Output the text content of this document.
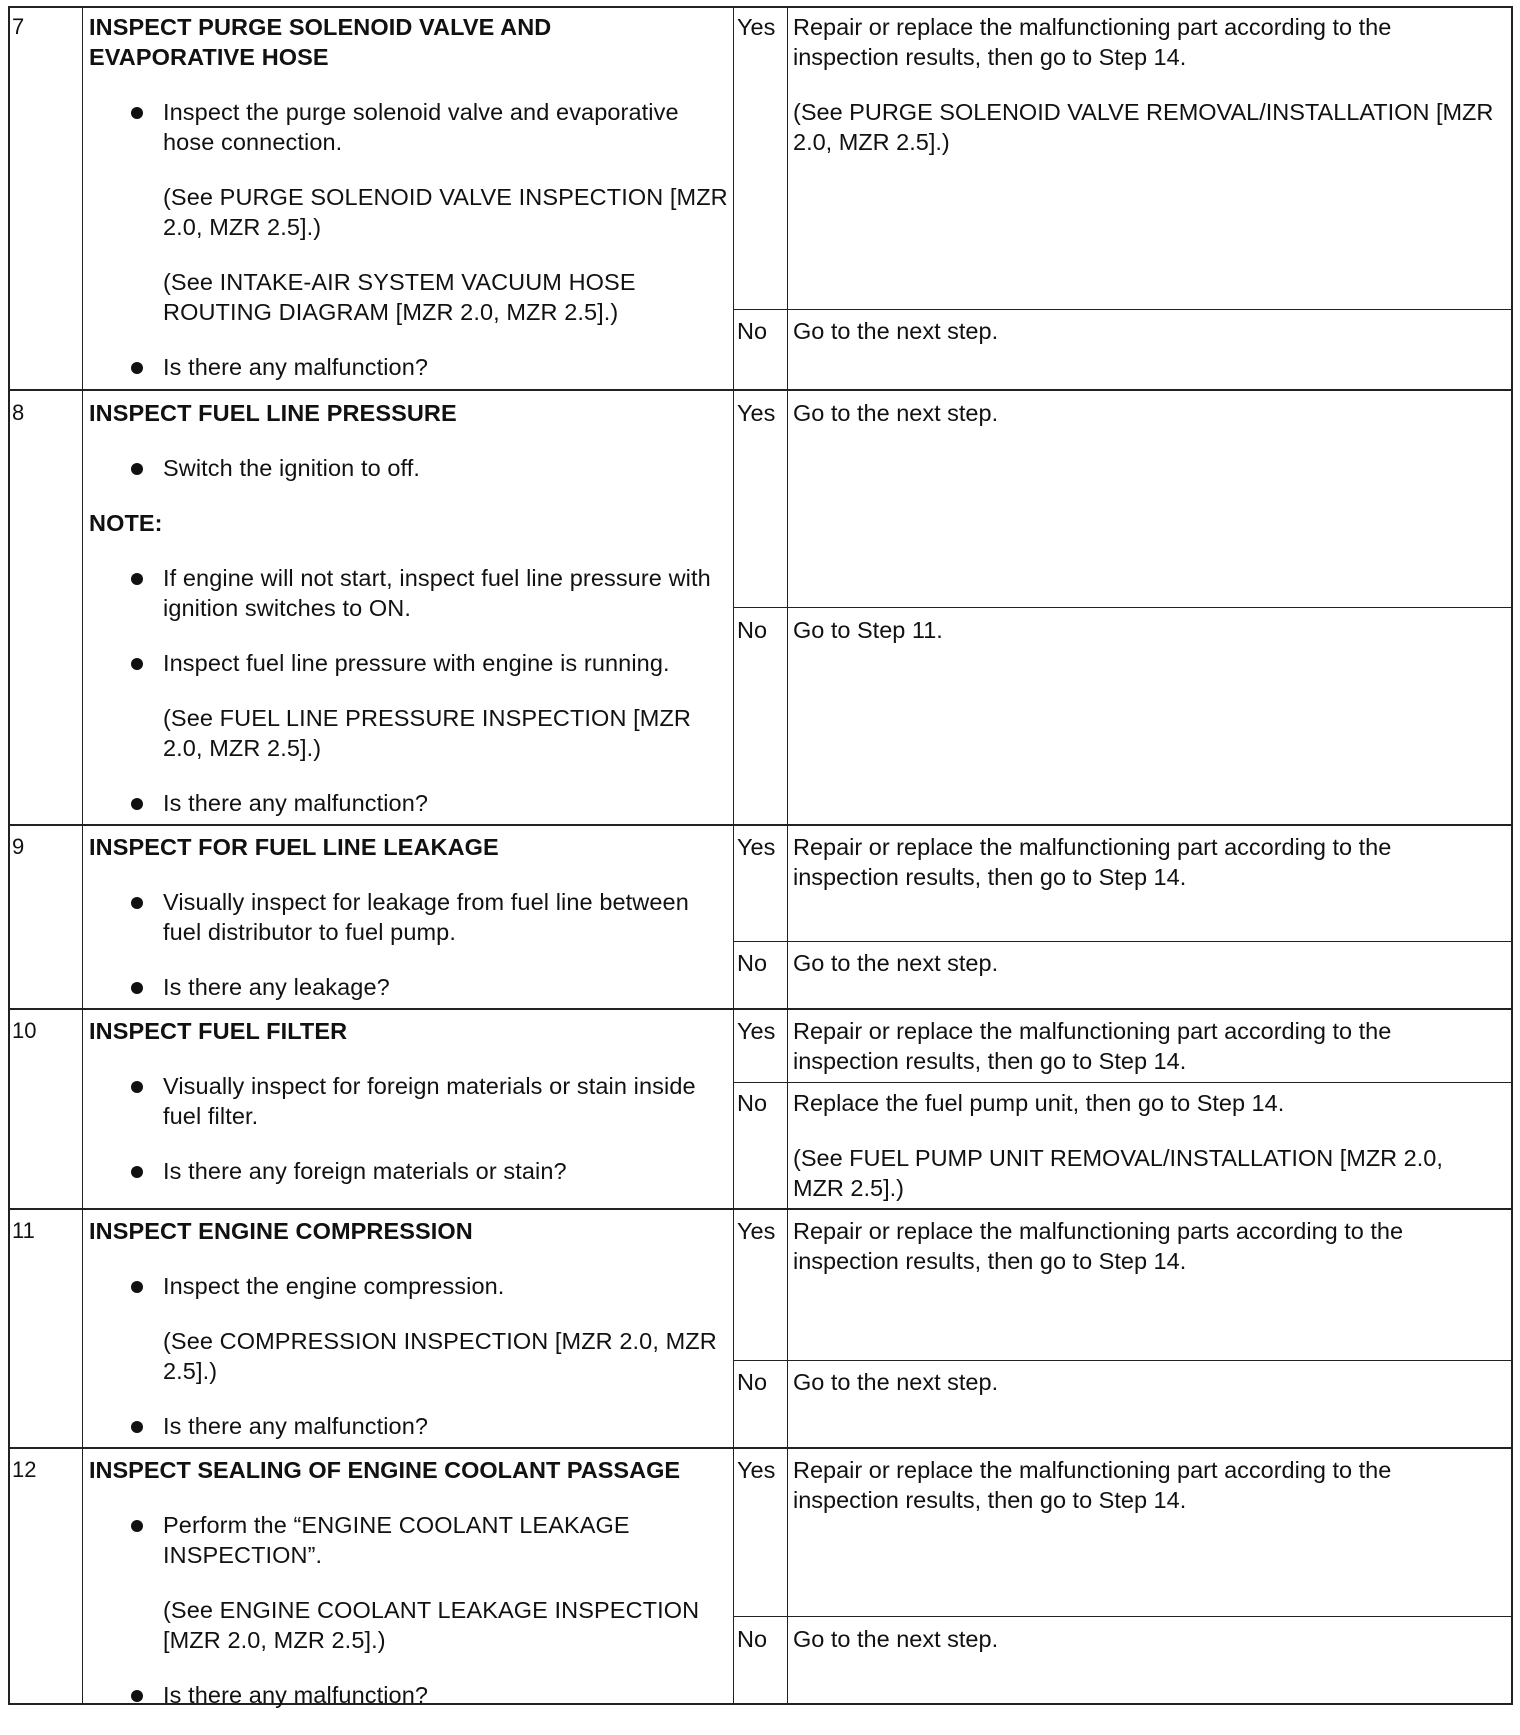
7	INSPECT PURGE SOLENOID VALVE AND
EVAPORATIVE HOSE
Inspect the purge solenoid valve and evaporative hose connection.
(See PURGE SOLENOID VALVE INSPECTION [MZR 2.0, MZR 2.5].)
(See INTAKE-AIR SYSTEM VACUUM HOSE ROUTING DIAGRAM [MZR 2.0, MZR 2.5].)
Is there any malfunction?
Yes Repair or replace the malfunctioning part according to the inspection results, then go to Step 14.

(See PURGE SOLENOID VALVE REMOVAL/INSTALLATION [MZR 2.0, MZR 2.5].)

No Go to the next step.

8	INSPECT FUEL LINE PRESSURE
Switch the ignition to off.
NOTE:
If engine will not start, inspect fuel line pressure with ignition switches to ON.
Inspect fuel line pressure with engine is running.
(See FUEL LINE PRESSURE INSPECTION [MZR 2.0, MZR 2.5].)
Is there any malfunction?
Yes Go to the next step.

No Go to Step 11.

9	INSPECT FOR FUEL LINE LEAKAGE
Visually inspect for leakage from fuel line between fuel distributor to fuel pump.
Is there any leakage?
Yes Repair or replace the malfunctioning part according to the inspection results, then go to Step 14.

No Go to the next step.

10 INSPECT FUEL FILTER
Visually inspect for foreign materials or stain inside fuel filter.
Is there any foreign materials or stain?
Yes Repair or replace the malfunctioning part according to the inspection results, then go to Step 14.

No Replace the fuel pump unit, then go to Step 14.

(See FUEL PUMP UNIT REMOVAL/INSTALLATION [MZR 2.0, MZR 2.5].)

11 INSPECT ENGINE COMPRESSION
Inspect the engine compression.
(See COMPRESSION INSPECTION [MZR 2.0, MZR 2.5].)
Is there any malfunction?
Yes Repair or replace the malfunctioning parts according to the inspection results, then go to Step 14.

No Go to the next step.

12 INSPECT SEALING OF ENGINE COOLANT PASSAGE
Perform the “ENGINE COOLANT LEAKAGE INSPECTION”.
(See ENGINE COOLANT LEAKAGE INSPECTION [MZR 2.0, MZR 2.5].)
Is there any malfunction?
Yes Repair or replace the malfunctioning part according to the inspection results, then go to Step 14.

No Go to the next step.
